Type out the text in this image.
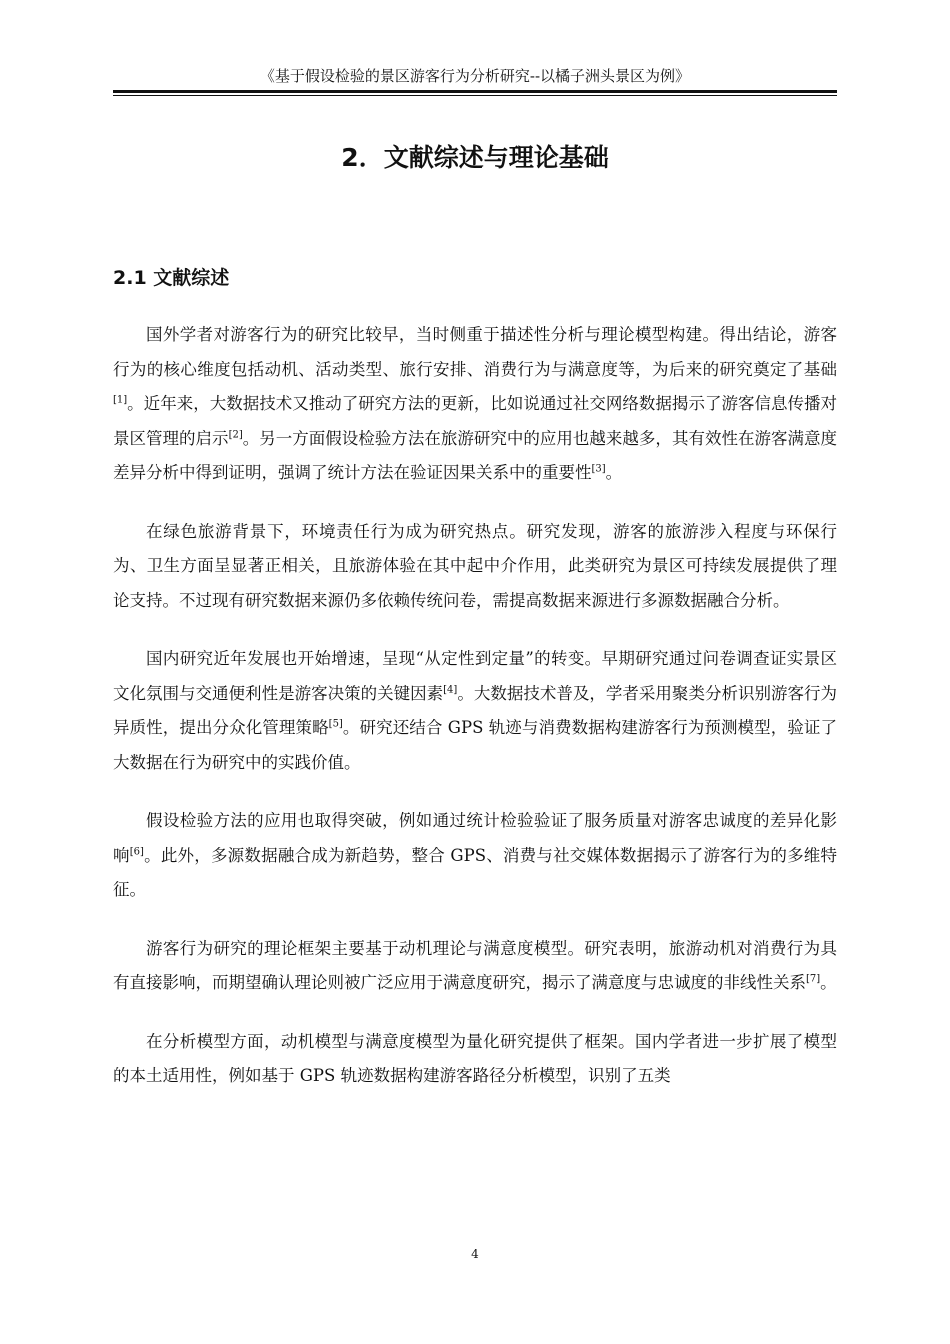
《基于假设检验的景区游客行为分析研究--以橘子洲头景区为例》
2．文献综述与理论基础
2.1 文献综述

国外学者对游客行为的研究比较早，当时侧重于描述性分析与理论模型构建。得出结论，游客行为的核心维度包括动机、活动类型、旅行安排、消费行为与满意度等，为后来的研究奠定了基础[1]。近年来，大数据技术又推动了研究方法的更新，比如说通过社交网络数据揭示了游客信息传播对景区管理的启示[2]。另一方面假设检验方法在旅游研究中的应用也越来越多，其有效性在游客满意度差异分析中得到证明，强调了统计方法在验证因果关系中的重要性[3]。

在绿色旅游背景下，环境责任行为成为研究热点。研究发现，游客的旅游涉入程度与环保行为、卫生方面呈显著正相关，且旅游体验在其中起中介作用，此类研究为景区可持续发展提供了理论支持。不过现有研究数据来源仍多依赖传统问卷，需提高数据来源进行多源数据融合分析。

国内研究近年发展也开始增速，呈现“从定性到定量”的转变。早期研究通过问卷调查证实景区文化氛围与交通便利性是游客决策的关键因素[4]。大数据技术普及，学者采用聚类分析识别游客行为异质性，提出分众化管理策略[5]。研究还结合 GPS 轨迹与消费数据构建游客行为预测模型，验证了大数据在行为研究中的实践价值。

假设检验方法的应用也取得突破，例如通过统计检验验证了服务质量对游客忠诚度的差异化影响[6]。此外，多源数据融合成为新趋势，整合 GPS、消费与社交媒体数据揭示了游客行为的多维特征。

游客行为研究的理论框架主要基于动机理论与满意度模型。研究表明，旅游动机对消费行为具有直接影响，而期望确认理论则被广泛应用于满意度研究，揭示了满意度与忠诚度的非线性关系[7]。

在分析模型方面，动机模型与满意度模型为量化研究提供了框架。国内学者进一步扩展了模型的本土适用性，例如基于 GPS 轨迹数据构建游客路径分析模型，识别了五类

4
